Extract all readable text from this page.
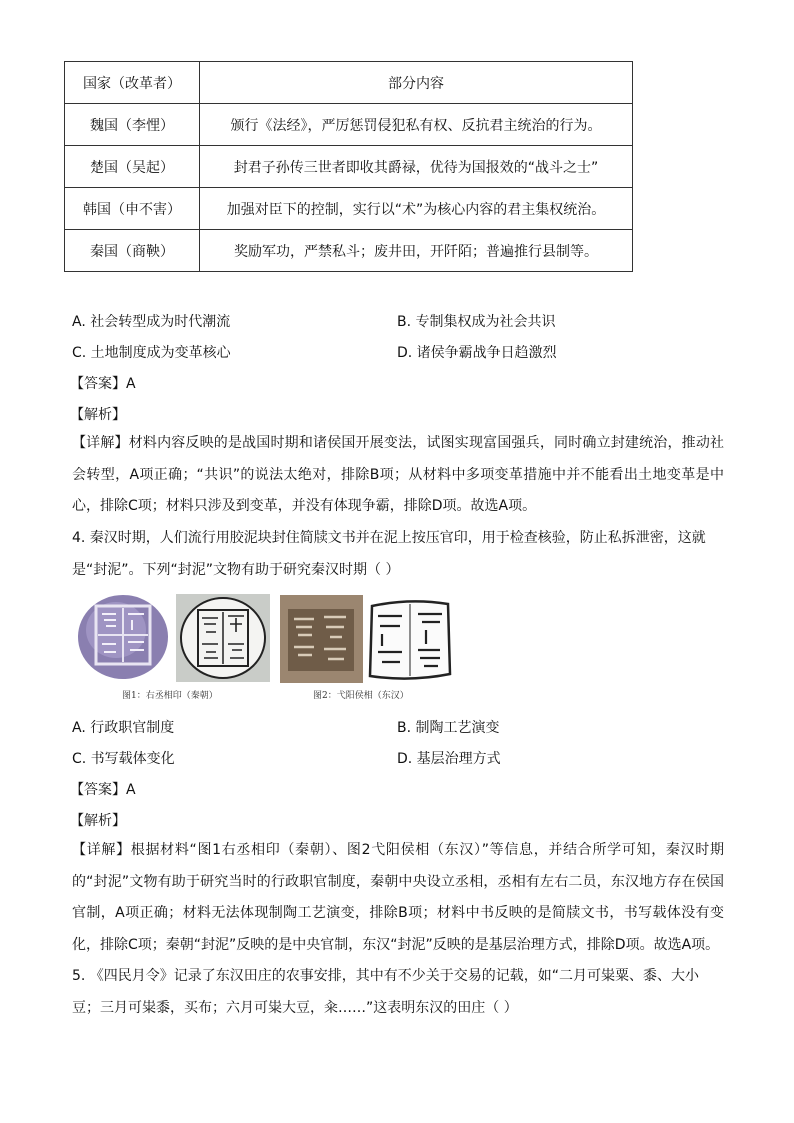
国家（改革者）	部分内容
魏国（李悝）	颁行《法经》，严厉惩罚侵犯私有权、反抗君主统治的行为。
楚国（吴起）	封君子孙传三世者即收其爵禄，优待为国报效的“战斗之士”
韩国（申不害）	加强对臣下的控制，实行以“术”为核心内容的君主集权统治。
秦国（商鞅）	奖励军功，严禁私斗；废井田，开阡陌；普遍推行县制等。
A. 社会转型成为时代潮流	B. 专制集权成为社会共识
C. 土地制度成为变革核心	D. 诸侯争霸战争日趋激烈
【答案】A
【解析】
【详解】材料内容反映的是战国时期和诸侯国开展变法，试图实现富国强兵，同时确立封建统治，推动社会转型，A项正确；“共识”的说法太绝对，排除B项；从材料中多项变革措施中并不能看出土地变革是中心，排除C项；材料只涉及到变革，并没有体现争霸，排除D项。故选A项。
4. 秦汉时期，人们流行用胶泥块封住简牍文书并在泥上按压官印，用于检查核验，防止私拆泄密，这就是“封泥”。下列“封泥”文物有助于研究秦汉时期（ ）
图1：右丞相印（秦朝）	图2：弋阳侯相（东汉）
A. 行政职官制度	B. 制陶工艺演变
C. 书写载体变化	D. 基层治理方式
【答案】A
【解析】
【详解】根据材料“图1右丞相印（秦朝）、图2弋阳侯相（东汉）”等信息，并结合所学可知，秦汉时期的“封泥”文物有助于研究当时的行政职官制度，秦朝中央设立丞相，丞相有左右二员，东汉地方存在侯国官制，A项正确；材料无法体现制陶工艺演变，排除B项；材料中书反映的是简牍文书，书写载体没有变化，排除C项；秦朝“封泥”反映的是中央官制，东汉“封泥”反映的是基层治理方式，排除D项。故选A项。
5. 《四民月令》记录了东汉田庄的农事安排，其中有不少关于交易的记载，如“二月可粜粟、黍、大小豆；三月可粜黍，买布；六月可粜大豆，籴……”这表明东汉的田庄（ ）
